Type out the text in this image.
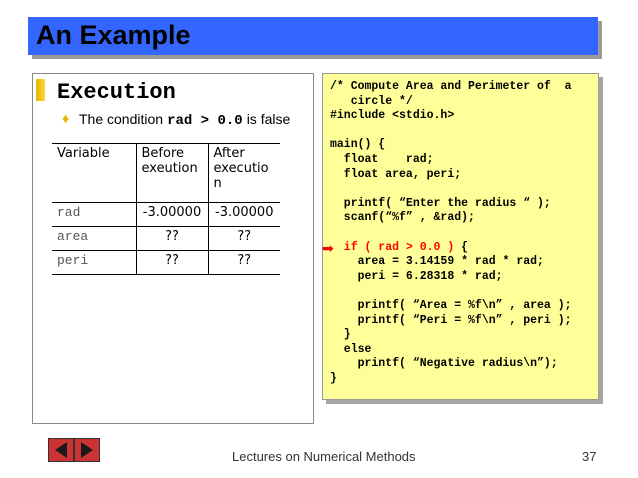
An Example
Execution
♦ The condition rad > 0.0 is false
Variable	Before exeution	After executio n
rad	-3.00000	-3.00000
area	??	??
peri	??	??
/* Compute Area and Perimeter of  a
circle */
#include <stdio.h>
main() {
float    rad;
float area, peri;
printf( “Enter the radius “ );
scanf(“%f” , &rad);
if ( rad > 0.0 ) {
area = 3.14159 * rad * rad;
peri = 6.28318 * rad;
printf( “Area = %f\n” , area );
printf( “Peri = %f\n” , peri );
}
else
printf( “Negative radius\n”);
}
➡
Lectures on Numerical Methods	37
